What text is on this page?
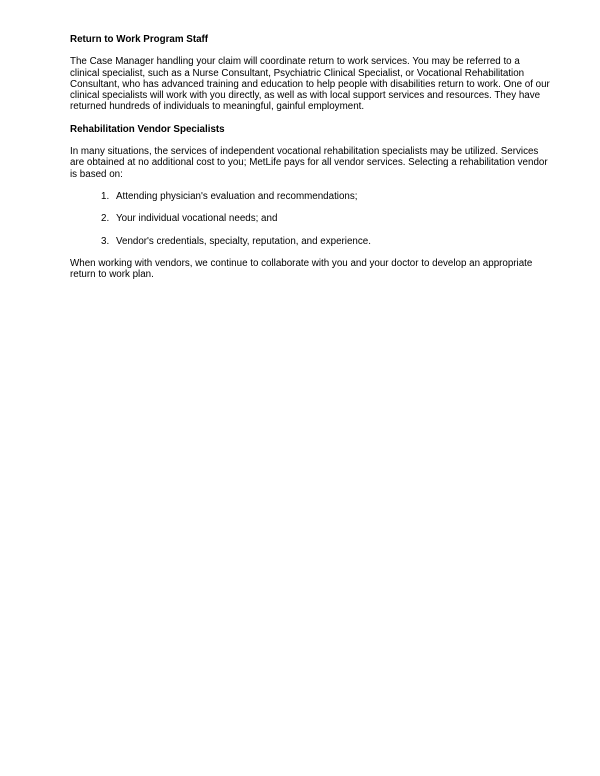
Return to Work Program Staff

The Case Manager handling your claim will coordinate return to work services. You may be referred to a clinical specialist, such as a Nurse Consultant, Psychiatric Clinical Specialist, or Vocational Rehabilitation Consultant, who has advanced training and education to help people with disabilities return to work. One of our clinical specialists will work with you directly, as well as with local support services and resources. They have returned hundreds of individuals to meaningful, gainful employment.

Rehabilitation Vendor Specialists

In many situations, the services of independent vocational rehabilitation specialists may be utilized. Services are obtained at no additional cost to you; MetLife pays for all vendor services. Selecting a rehabilitation vendor is based on:

1. Attending physician's evaluation and recommendations;
2. Your individual vocational needs; and
3. Vendor's credentials, specialty, reputation, and experience.

When working with vendors, we continue to collaborate with you and your doctor to develop an appropriate return to work plan.
